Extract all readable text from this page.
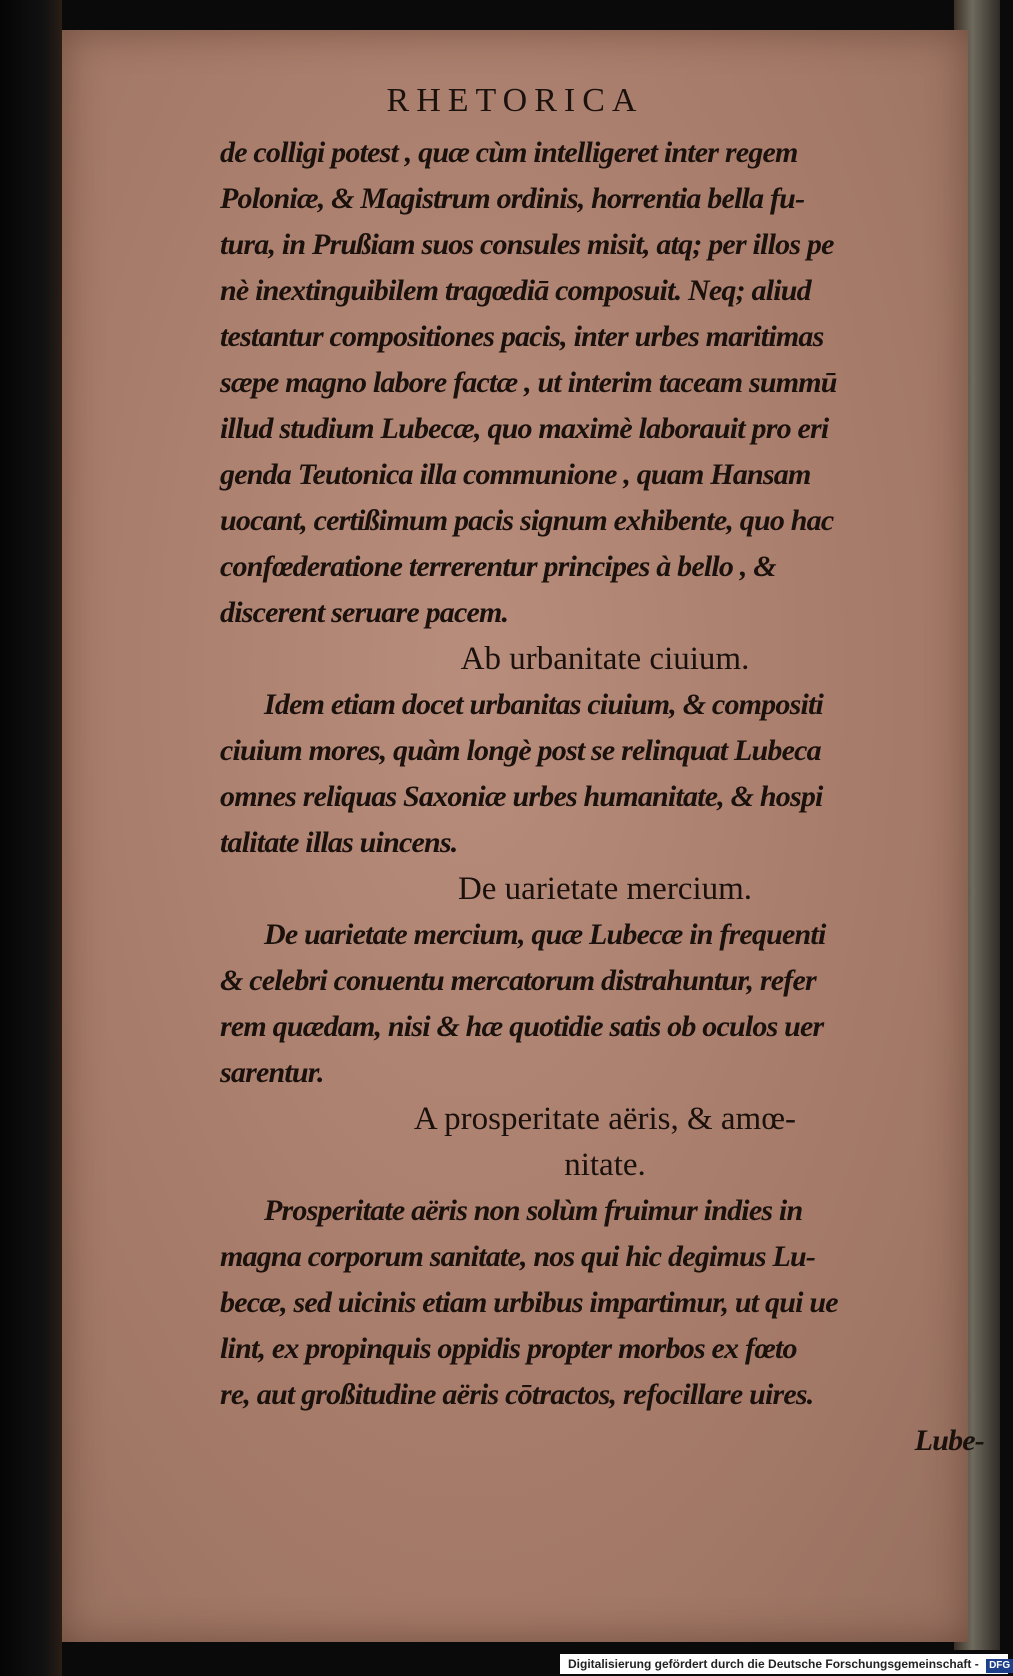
RHETORICA
de colligi potest , quæ cùm intelligeret inter regem
Poloniæ, & Magistrum ordinis, horrentia bella fu-
tura, in Prußiam suos consules misit, atq; per illos pe
nè inextinguibilem tragœdiā composuit. Neq; aliud
testantur compositiones pacis, inter urbes maritimas
sæpe magno labore factæ , ut interim taceam summū
illud studium Lubecæ, quo maximè laborauit pro eri
genda Teutonica illa communione , quam Hansam
uocant, certißimum pacis signum exhibente, quo hac
confœderatione terrerentur principes à bello , &
discerent seruare pacem.
Ab urbanitate ciuium.
Idem etiam docet urbanitas ciuium, & compositi
ciuium mores, quàm longè post se relinquat Lubeca
omnes reliquas Saxoniæ urbes humanitate, & hospi
talitate illas uincens.
De uarietate mercium.
De uarietate mercium, quæ Lubecæ in frequenti
& celebri conuentu mercatorum distrahuntur, refer
rem quædam, nisi & hæ quotidie satis ob oculos uer
sarentur.
A prosperitate aëris, & amœ-
nitate.
Prosperitate aëris non solùm fruimur indies in
magna corporum sanitate, nos qui hic degimus Lu-
becæ, sed uicinis etiam urbibus impartimur, ut qui ue
lint, ex propinquis oppidis propter morbos ex fœto
re, aut großitudine aëris cōtractos, refocillare uires.
Lube-
Digitalisierung gefördert durch die Deutsche Forschungsgemeinschaft - DFG
